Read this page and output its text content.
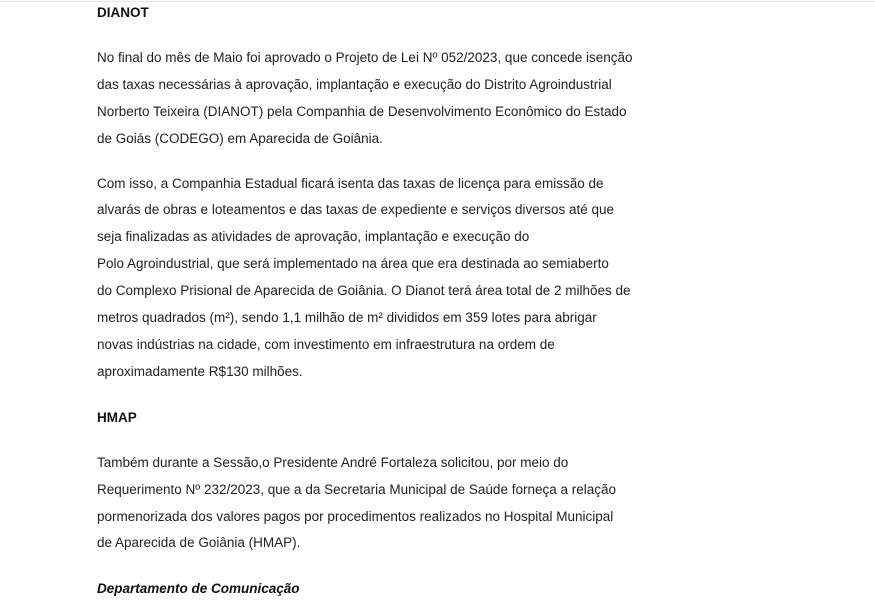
DIANOT

No final do mês de Maio foi aprovado o Projeto de Lei Nº 052/2023, que concede isenção
das taxas necessárias à aprovação, implantação e execução do Distrito Agroindustrial
Norberto Teixeira (DIANOT) pela Companhia de Desenvolvimento Econômico do Estado
de Goiás (CODEGO) em Aparecida de Goiânia.

Com isso, a Companhia Estadual ficará isenta das taxas de licença para emissão de
alvarás de obras e loteamentos e das taxas de expediente e serviços diversos até que
seja finalizadas as atividades de aprovação, implantação e execução do
Polo Agroindustrial, que será implementado na área que era destinada ao semiaberto
do Complexo Prisional de Aparecida de Goiânia. O Dianot terá área total de 2 milhões de
metros quadrados (m²), sendo 1,1 milhão de m² divididos em 359 lotes para abrigar
novas indústrias na cidade, com investimento em infraestrutura na ordem de
aproximadamente R$130 milhões.

HMAP

Também durante a Sessão,o Presidente André Fortaleza solicitou, por meio do
Requerimento Nº 232/2023, que a da Secretaria Municipal de Saúde forneça a relação
pormenorizada dos valores pagos por procedimentos realizados no Hospital Municipal
de Aparecida de Goiânia (HMAP).

Departamento de Comunicação
